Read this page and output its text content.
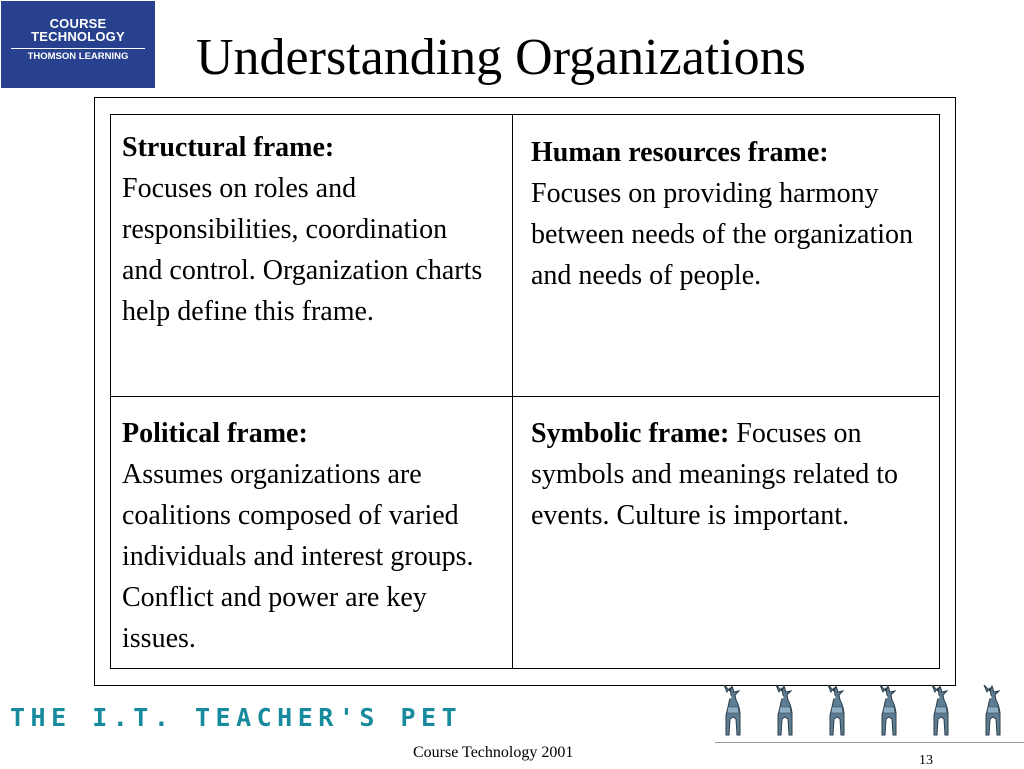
COURSE
TECHNOLOGY
THOMSON LEARNING	Understanding Organizations
Structural frame:
Focuses on roles and responsibilities, coordination and control. Organization charts help define this frame.
Human resources frame:
Focuses on providing harmony between needs of the organization and needs of people.
Political frame:
Assumes organizations are coalitions composed of varied individuals and interest groups. Conflict and power are key issues.
Symbolic frame: Focuses on symbols and meanings related to events. Culture is important.
THE I.T. TEACHER'S PET
Course Technology 2001	13
